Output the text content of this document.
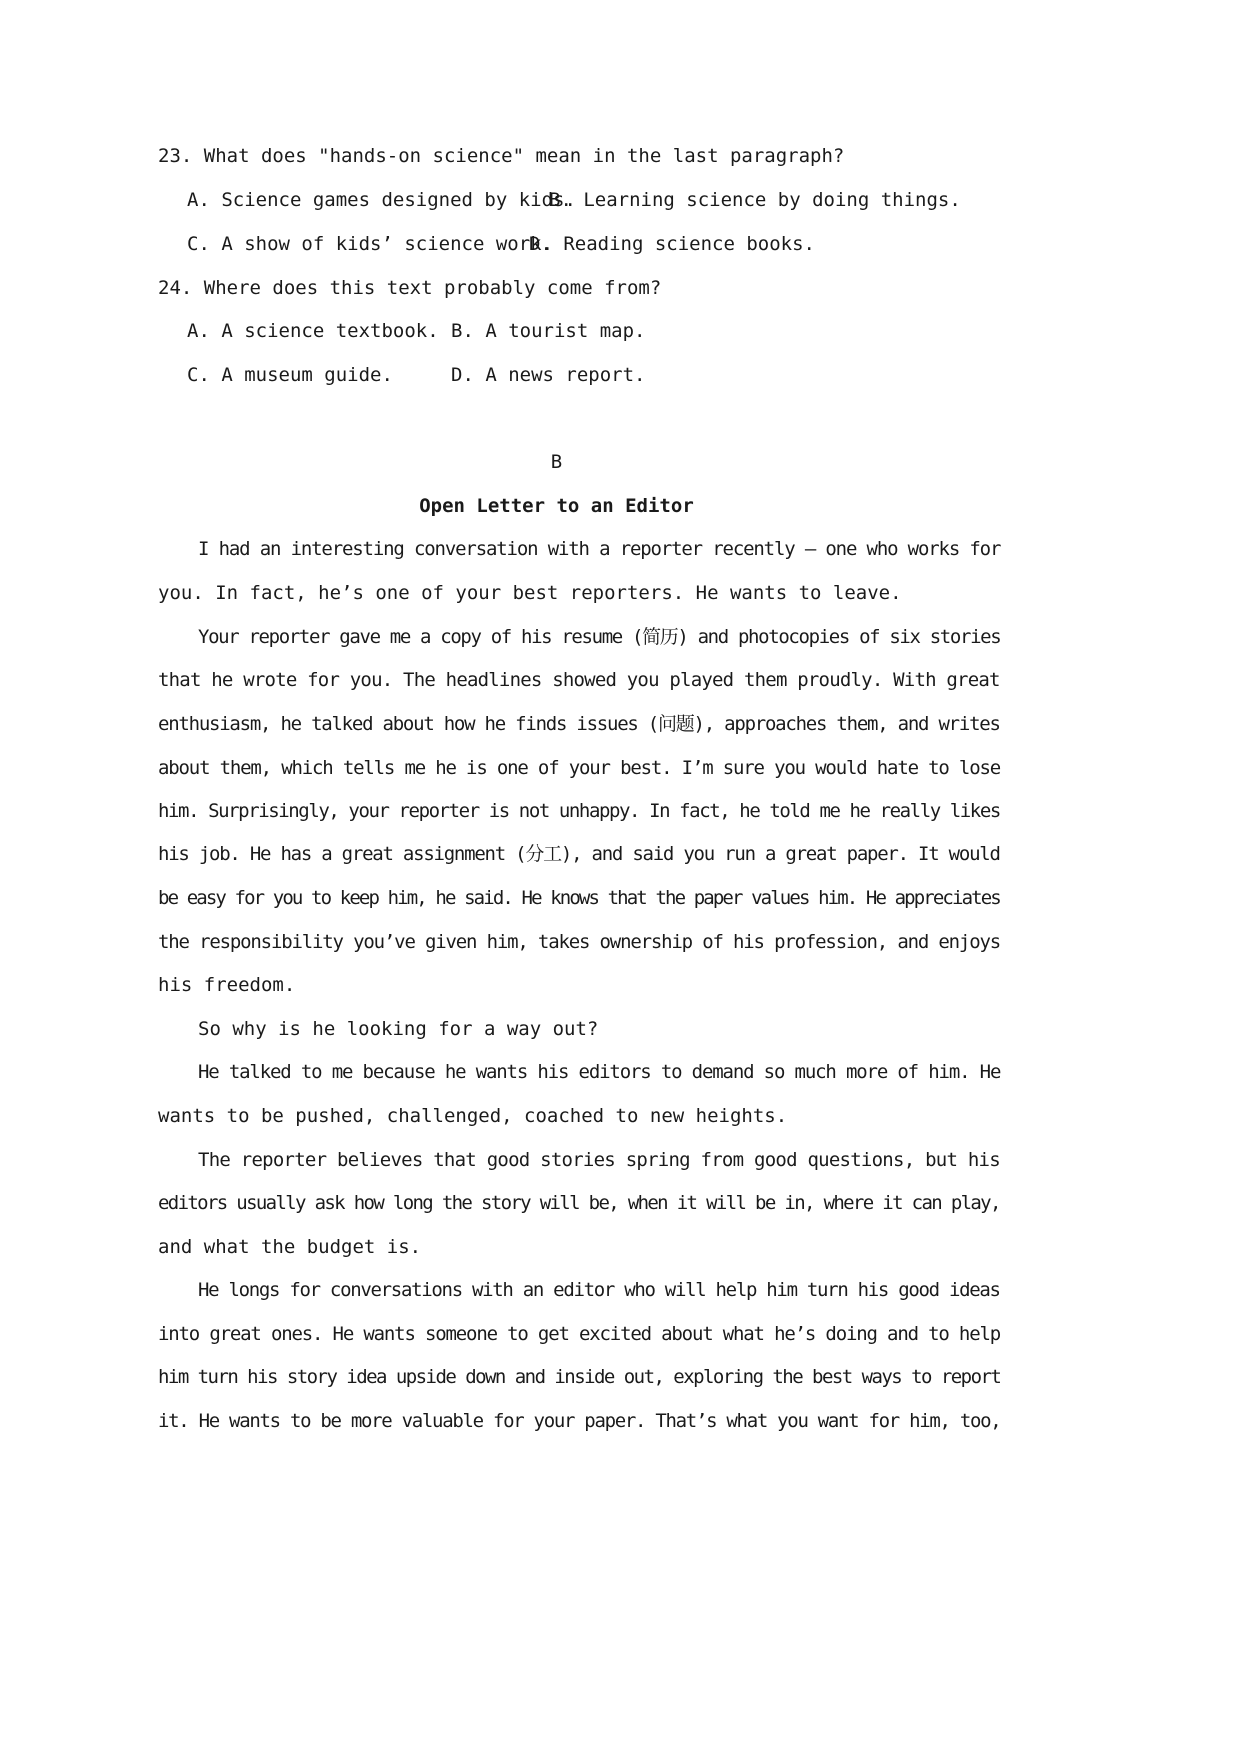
23. What does "hands-on science" mean in the last paragraph?
A. Science games designed by kids.
B. Learning science by doing things.
C. A show of kids’ science work.
D. Reading science books.
24. Where does this text probably come from?
A. A science textbook. B. A tourist map.
C. A museum guide.	D. A news report.
B
Open Letter to an Editor
I had an interesting conversation with a reporter recently – one who works for
you. In fact, he’s one of your best reporters. He wants to leave.
Your reporter gave me a copy of his resume (简历) and photocopies of six stories
that he wrote for you. The headlines showed you played them proudly. With great
enthusiasm, he talked about how he finds issues (问题), approaches them, and writes
about them, which tells me he is one of your best. I’m sure you would hate to lose
him. Surprisingly, your reporter is not unhappy. In fact, he told me he really likes
his job. He has a great assignment (分工), and said you run a great paper. It would
be easy for you to keep him, he said. He knows that the paper values him. He appreciates
the responsibility you’ve given him, takes ownership of his profession, and enjoys
his freedom.
So why is he looking for a way out?
He talked to me because he wants his editors to demand so much more of him. He
wants to be pushed, challenged, coached to new heights.
The reporter believes that good stories spring from good questions, but his
editors usually ask how long the story will be, when it will be in, where it can play,
and what the budget is.
He longs for conversations with an editor who will help him turn his good ideas
into great ones. He wants someone to get excited about what he’s doing and to help
him turn his story idea upside down and inside out, exploring the best ways to report
it. He wants to be more valuable for your paper. That’s what you want for him, too,
